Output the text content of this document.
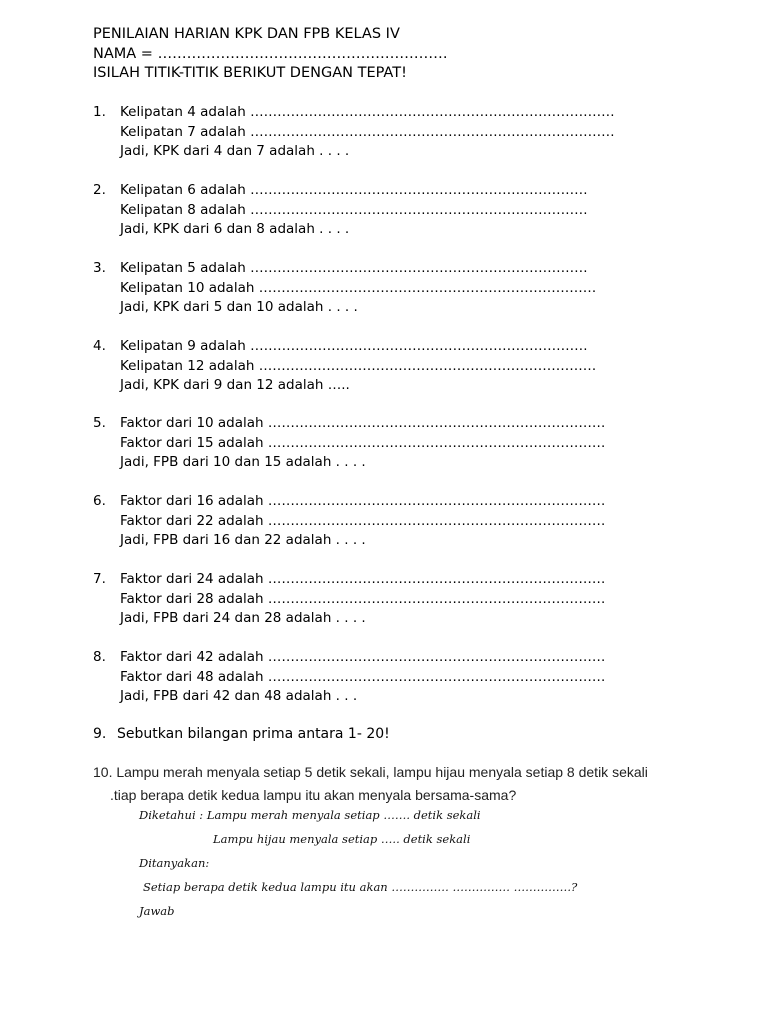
PENILAIAN HARIAN KPK DAN FPB KELAS IV
NAMA = ……………………………………………………
ISILAH TITIK-TITIK BERIKUT DENGAN TEPAT!
1. Kelipatan 4 adalah ………………………………………………………………………
Kelipatan 7 adalah ………………………………………………………………………
Jadi, KPK dari 4 dan 7 adalah . . . .
2. Kelipatan 6 adalah …………………………………………………………………
Kelipatan 8 adalah …………………………………………………………………
Jadi, KPK dari 6 dan 8 adalah . . . .
3. Kelipatan 5 adalah …………………………………………………………………
Kelipatan 10 adalah …………………………………………………………………
Jadi, KPK dari 5 dan 10 adalah . . . .
4. Kelipatan 9 adalah …………………………………………………………………
Kelipatan 12 adalah …………………………………………………………………
Jadi, KPK dari 9 dan 12 adalah …..
5. Faktor dari 10 adalah …………………………………………………………………
Faktor dari 15 adalah …………………………………………………………………
Jadi, FPB dari 10 dan 15 adalah . . . .
6. Faktor dari 16 adalah …………………………………………………………………
Faktor dari 22 adalah …………………………………………………………………
Jadi, FPB dari 16 dan 22 adalah . . . .
7. Faktor dari 24 adalah …………………………………………………………………
Faktor dari 28 adalah …………………………………………………………………
Jadi, FPB dari 24 dan 28 adalah . . . .
8. Faktor dari 42 adalah …………………………………………………………………
Faktor dari 48 adalah …………………………………………………………………
Jadi, FPB dari 42 dan 48 adalah . . .
9. Sebutkan bilangan prima antara 1- 20!
10. Lampu merah menyala setiap 5 detik sekali, lampu hijau menyala setiap 8 detik sekali
.tiap berapa detik kedua lampu itu akan menyala bersama-sama?
Diketahui : Lampu merah menyala setiap ……. detik sekali
Lampu hijau menyala setiap ….. detik sekali
Ditanyakan:
Setiap berapa detik kedua lampu itu akan …………… …………… ……………?
Jawab
